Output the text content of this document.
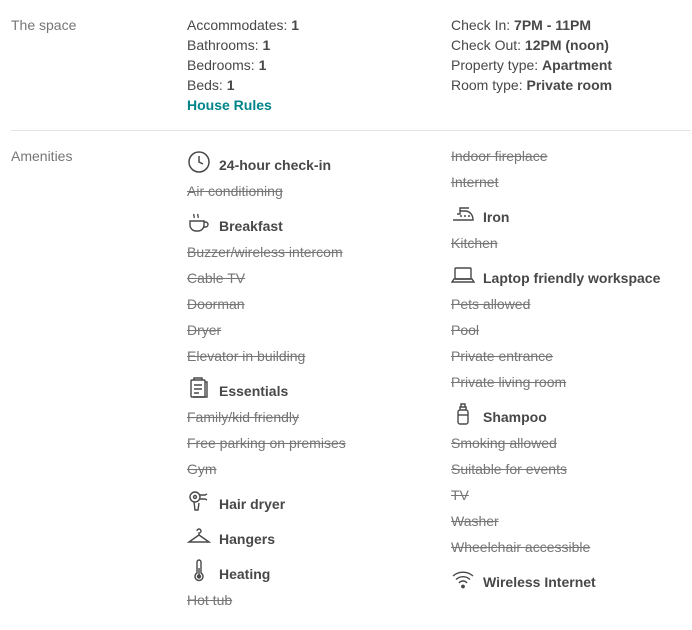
The space	Accommodates: 1
Bathrooms: 1
Bedrooms: 1
Beds: 1
House Rules
Check In: 7PM - 11PM
Check Out: 12PM (noon)
Property type: Apartment
Room type: Private room
Amenities
24-hour check-in
Air conditioning
Breakfast
Buzzer/wireless intercom
Cable TV
Doorman
Dryer
Elevator in building
Essentials
Family/kid friendly
Free parking on premises
Gym
Hair dryer
Hangers
Heating
Hot tub
Indoor fireplace
Internet
Iron
Kitchen
Laptop friendly workspace
Pets allowed
Pool
Private entrance
Private living room
Shampoo
Smoking allowed
Suitable for events
TV
Washer
Wheelchair accessible
Wireless Internet
